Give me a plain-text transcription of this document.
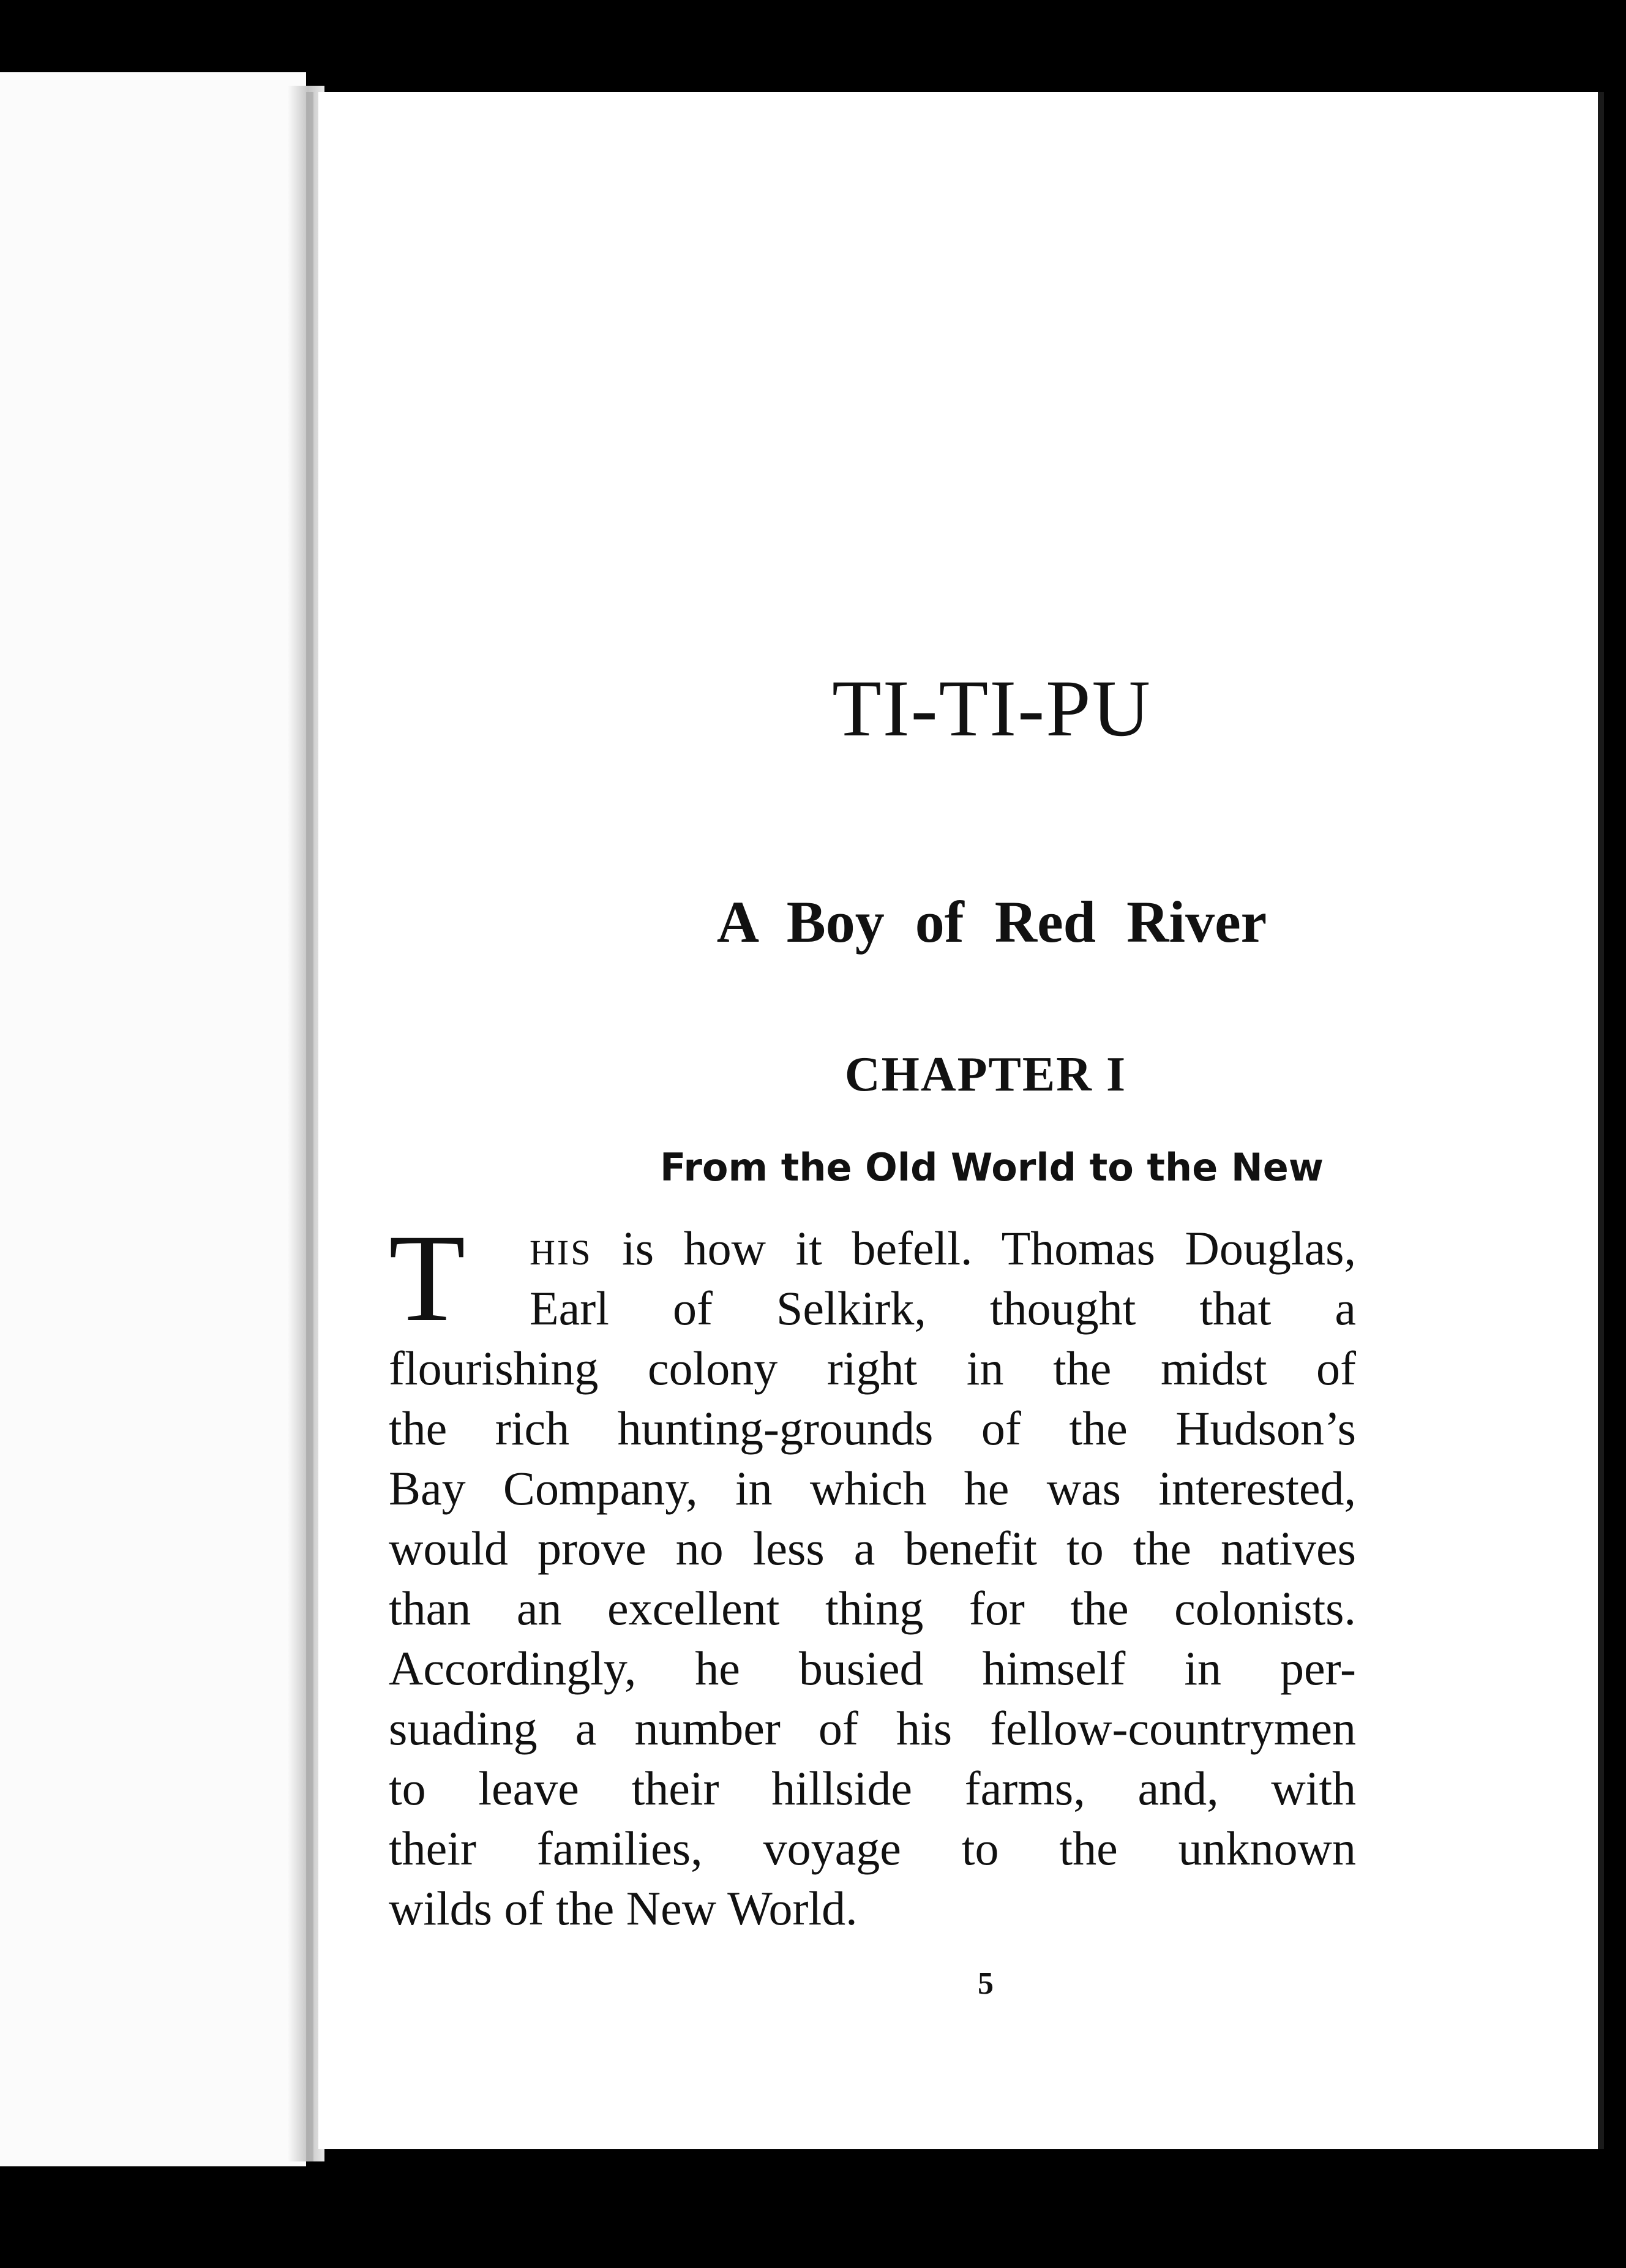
TI-TI-PU
A Boy of Red River
CHAPTER I
From the Old World to the New
T	HIS is how it befell. Thomas Douglas,
Earl of Selkirk, thought that a
flourishing colony right in the midst of
the rich hunting-grounds of the Hudson’s
Bay Company, in which he was interested,
would prove no less a benefit to the natives
than an excellent thing for the colonists.
Accordingly, he busied himself in per-
suading a number of his fellow-countrymen
to leave their hillside farms, and, with
their families, voyage to the unknown
wilds of the New World.

5
